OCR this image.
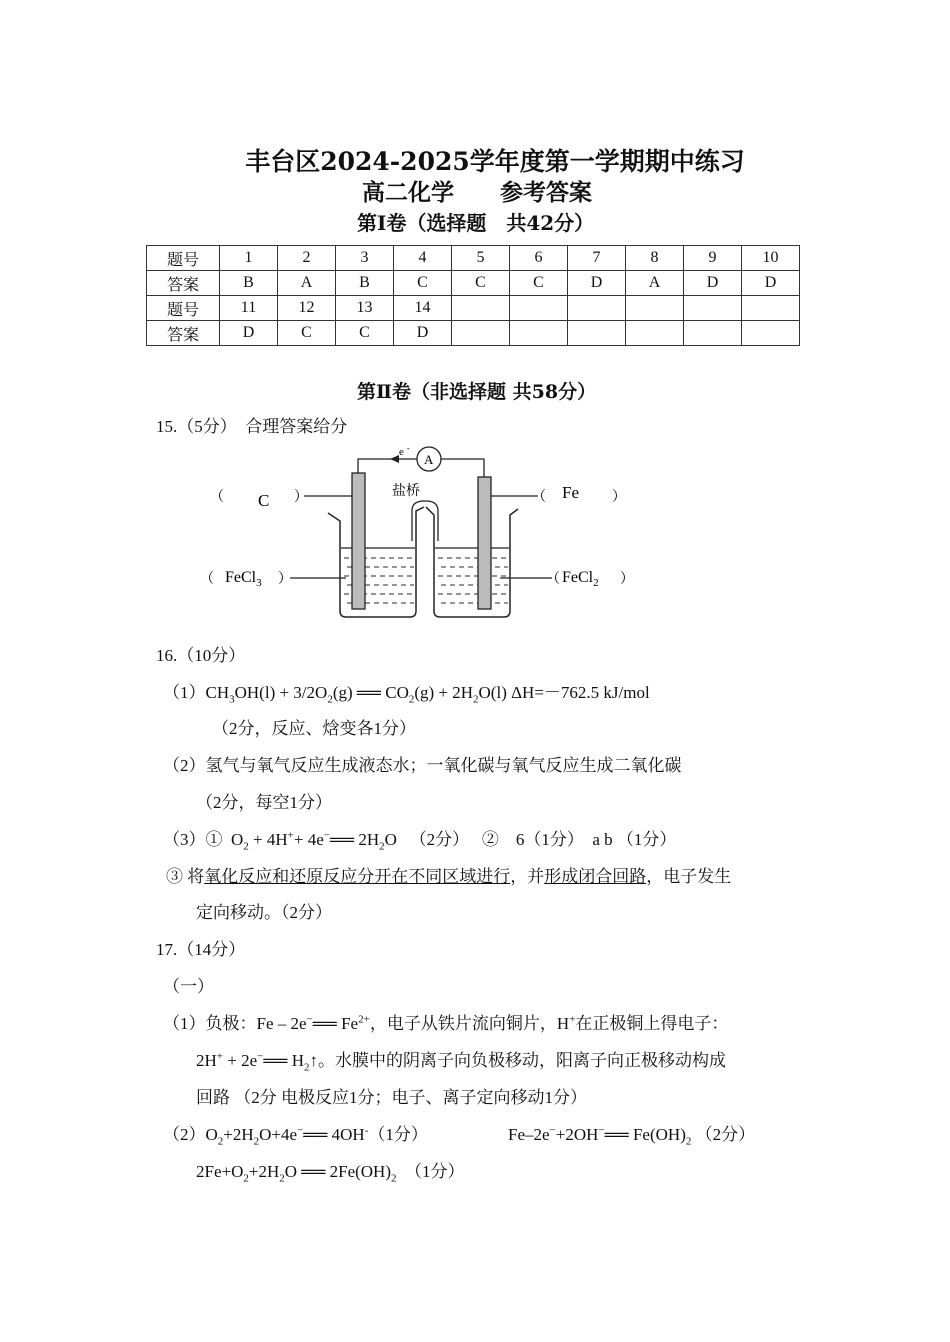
丰台区2024-2025学年度第一学期期中练习
高二化学 参考答案
第Ⅰ卷（选择题　共42分）
题号	1	2	3	4	5	6	7	8	9	10
答案	B	A	B	C	C	C	D	A	D	D
题号	11	12	13	14						
答案	D	C	C	D						
第Ⅱ卷（非选择题 共58分）
15.（5分）　合理答案给分
e -
A
盐桥
（ C ）	（ Fe ）
（ FeCl$_3$ ）	（ FeCl$_2$ ）
16.（10分）
$(1)CH_3OH(l) + 3/2O_2(g)$ ══ $CO_2(g) + 2H_2O(l)$ ΔH=－762.5 kJ/mol
（2分，反应、焓变各1分）
（2）氢气与氧气反应生成液态水；一氧化碳与氧气反应生成二氧化碳
（2分，每空1分）
（3）①  $O_2 + 4H^++$ 4e−══ $2H_2O$   （2分）　 ②　6（1分）　a b （1分）
③ 将氧化反应和还原反应分开在不同区域进行，并形成闭合回路，电子发生
定向移动。（2分）
17.（14分）
（一）
（1）负极：Fe – 2e−══ $Fe^{2+}$，电子从铁片流向铜片，H+在正极铜上得电子：
2H+ + 2e−══ $H_2↑$。水膜中的阴离子向负极移动，阳离子向正极移动构成
回路 （2分 电极反应1分；电子、离子定向移动1分）
$(2)O_2+2H_2O+4e^-══$ 4OH-（1分）	Fe–2e−+2OH−══ $Fe(OH)_2$ （2分）
$2Fe+O_2+2H_2O$ ══ $2Fe(OH)_2$ （1分）
